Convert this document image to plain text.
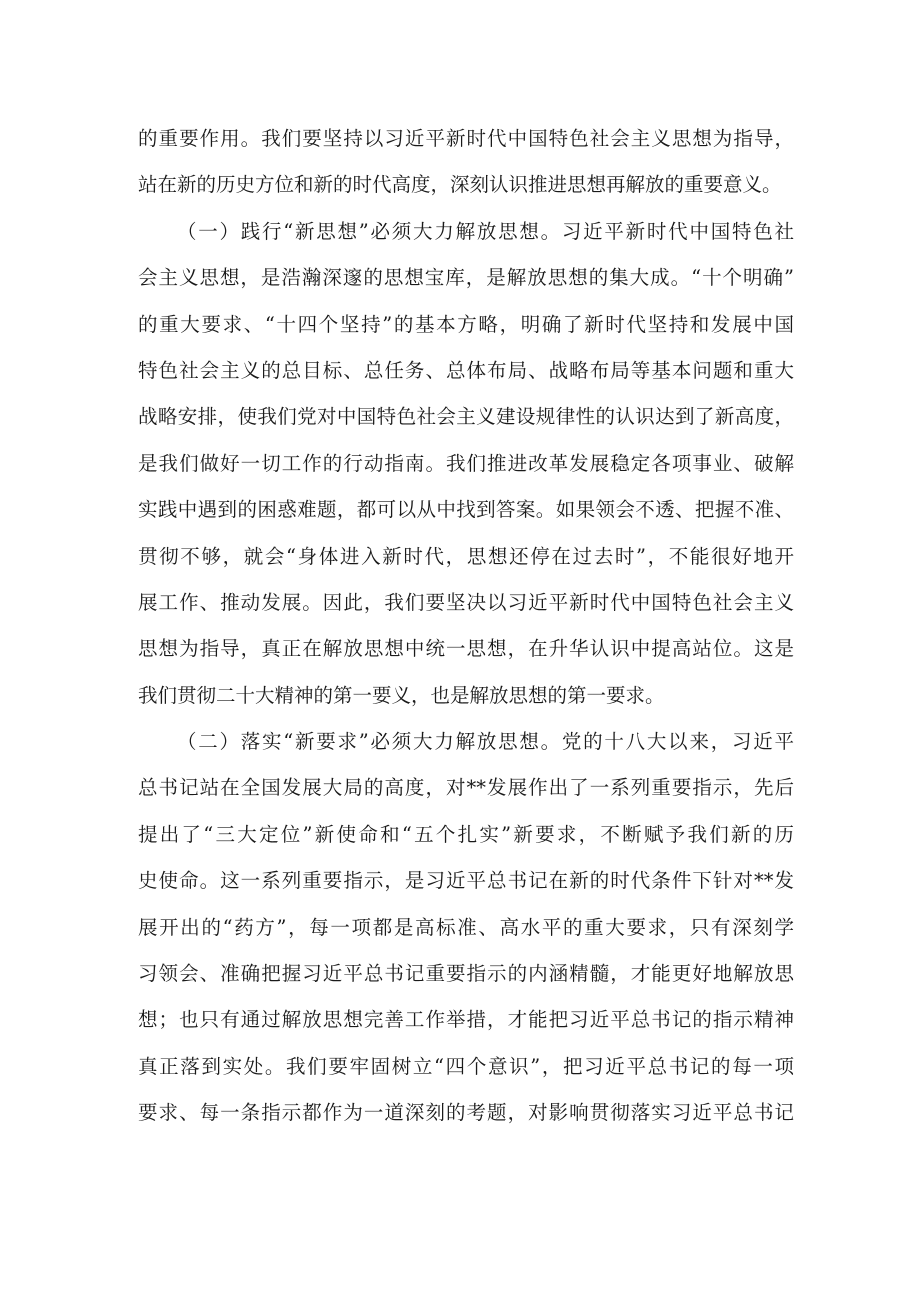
的重要作用。我们要坚持以习近平新时代中国特色社会主义思想为指导，
站在新的历史方位和新的时代高度，深刻认识推进思想再解放的重要意义。
（一）践行“新思想”必须大力解放思想。习近平新时代中国特色社
会主义思想，是浩瀚深邃的思想宝库，是解放思想的集大成。“十个明确”
的重大要求、“十四个坚持”的基本方略，明确了新时代坚持和发展中国
特色社会主义的总目标、总任务、总体布局、战略布局等基本问题和重大
战略安排，使我们党对中国特色社会主义建设规律性的认识达到了新高度，
是我们做好一切工作的行动指南。我们推进改革发展稳定各项事业、破解
实践中遇到的困惑难题，都可以从中找到答案。如果领会不透、把握不准、
贯彻不够，就会“身体进入新时代，思想还停在过去时”，不能很好地开
展工作、推动发展。因此，我们要坚决以习近平新时代中国特色社会主义
思想为指导，真正在解放思想中统一思想，在升华认识中提高站位。这是
我们贯彻二十大精神的第一要义，也是解放思想的第一要求。
（二）落实“新要求”必须大力解放思想。党的十八大以来，习近平
总书记站在全国发展大局的高度，对**发展作出了一系列重要指示，先后
提出了“三大定位”新使命和“五个扎实”新要求，不断赋予我们新的历
史使命。这一系列重要指示，是习近平总书记在新的时代条件下针对**发
展开出的“药方”，每一项都是高标准、高水平的重大要求，只有深刻学
习领会、准确把握习近平总书记重要指示的内涵精髓，才能更好地解放思
想；也只有通过解放思想完善工作举措，才能把习近平总书记的指示精神
真正落到实处。我们要牢固树立“四个意识”，把习近平总书记的每一项
要求、每一条指示都作为一道深刻的考题，对影响贯彻落实习近平总书记
